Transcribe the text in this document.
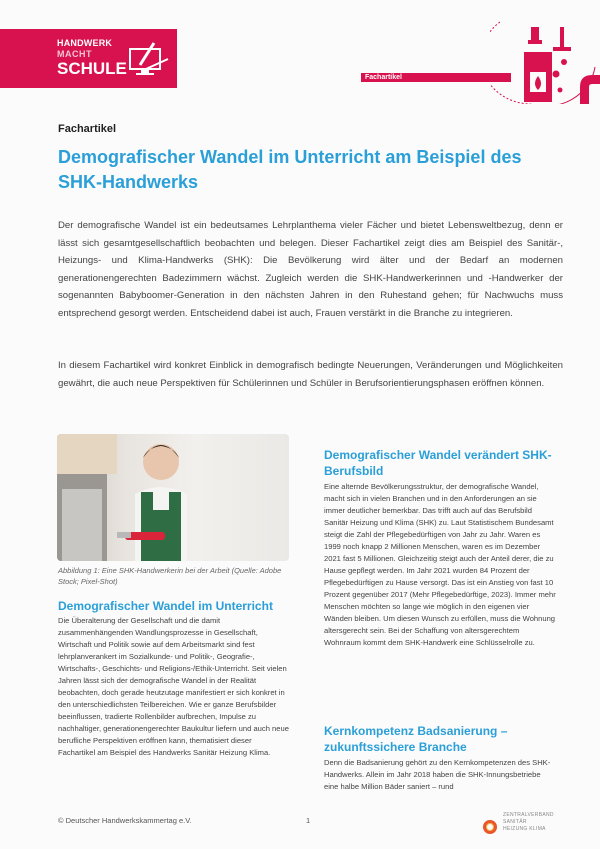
HANDWERK
MACHT
SCHULE	Fachartikel
Fachartikel
Demografischer Wandel im Unterricht am Beispiel des SHK-Handwerks

Der demografische Wandel ist ein bedeutsames Lehrplanthema vieler Fächer und bietet Lebensweltbezug, denn er lässt sich gesamtgesellschaftlich beobachten und belegen. Dieser Fachartikel zeigt dies am Beispiel des Sanitär-, Heizungs- und Klima-Handwerks (SHK): Die Bevölkerung wird älter und der Bedarf an modernen generationengerechten Badezimmern wächst. Zugleich werden die SHK-Handwerkerinnen und -Handwerker der sogenannten Babyboomer-Generation in den nächsten Jahren in den Ruhestand gehen; für Nachwuchs muss entsprechend gesorgt werden. Entscheidend dabei ist auch, Frauen verstärkt in die Branche zu integrieren.

In diesem Fachartikel wird konkret Einblick in demografisch bedingte Neuerungen, Veränderungen und Möglichkeiten gewährt, die auch neue Perspektiven für Schülerinnen und Schüler in Berufsorientierungsphasen eröffnen können.

Abbildung 1: Eine SHK-Handwerkerin bei der Arbeit (Quelle: Adobe Stock; Pixel-Shot)

Demografischer Wandel im Unterricht

Die Überalterung der Gesellschaft und die damit zusammenhängenden Wandlungsprozesse in Gesellschaft, Wirtschaft und Politik sowie auf dem Arbeitsmarkt sind fest lehrplanverankert im Sozialkunde- und Politik-, Geografie-, Wirtschafts-, Geschichts- und Religions-/Ethik-Unterricht. Seit vielen Jahren lässt sich der demografische Wandel in der Realität beobachten, doch gerade heutzutage manifestiert er sich konkret in den unterschiedlichsten Teilbereichen. Wie er ganze Berufsbilder beeinflussen, tradierte Rollenbilder aufbrechen, Impulse zu nachhaltiger, generationengerechter Baukultur liefern und auch neue berufliche Perspektiven eröffnen kann, thematisiert dieser Fachartikel am Beispiel des Handwerks Sanitär Heizung Klima.

Demografischer Wandel verändert SHK-Berufsbild

Eine alternde Bevölkerungsstruktur, der demografische Wandel, macht sich in vielen Branchen und in den Anforderungen an sie immer deutlicher bemerkbar. Das trifft auch auf das Berufsbild Sanitär Heizung und Klima (SHK) zu. Laut Statistischem Bundesamt steigt die Zahl der Pflegebedürftigen von Jahr zu Jahr. Waren es 1999 noch knapp 2 Millionen Menschen, waren es im Dezember 2021 fast 5 Millionen. Gleichzeitig steigt auch der Anteil derer, die zu Hause gepflegt werden. Im Jahr 2021 wurden 84 Prozent der Pflegebedürftigen zu Hause versorgt. Das ist ein Anstieg von fast 10 Prozent gegenüber 2017 (Mehr Pflegebedürftige, 2023). Immer mehr Menschen möchten so lange wie möglich in den eigenen vier Wänden bleiben. Um diesen Wunsch zu erfüllen, muss die Wohnung altersgerecht sein. Bei der Schaffung von altersgerechtem Wohnraum kommt dem SHK-Handwerk eine Schlüsselrolle zu.

Kernkompetenz Badsanierung – zukunftssichere Branche

Denn die Badsanierung gehört zu den Kernkompetenzen des SHK-Handwerks. Allein im Jahr 2018 haben die SHK-Innungsbetriebe eine halbe Million Bäder saniert – rund

© Deutscher Handwerkskammertag e.V.	1
ZENTRALVERBAND
SANITÄR
HEIZUNG KLIMA
